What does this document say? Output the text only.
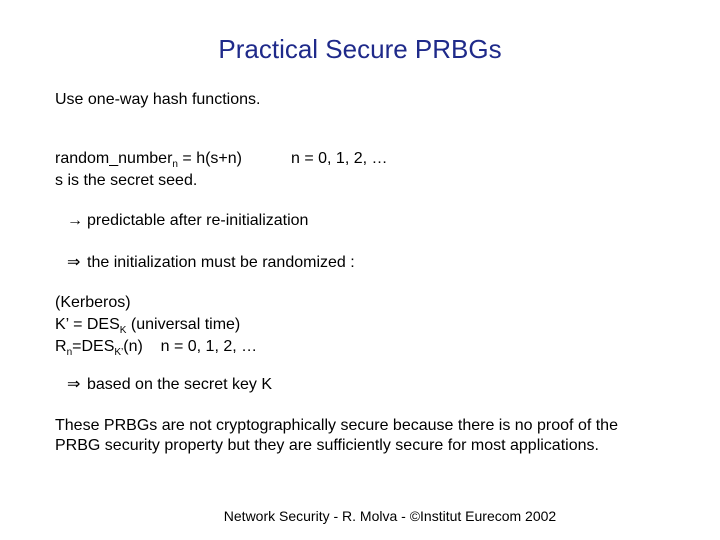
Practical Secure PRBGs
Use one-way hash functions.
random_number$_n$ = h(s+n)	n = 0, 1, 2, …
s is the secret seed.
→ predictable after re-initialization
⇒ the initialization must be randomized :
(Kerberos)
K’ = $DES_K$ (universal time)
$R_n=DES_{K’}(n)$    n = 0, 1, 2, …
⇒ based on the secret key K
These PRBGs are not cryptographically secure because there is no proof of the
PRBG security property but they are sufficiently secure for most applications.
Network Security - R. Molva - ©Institut Eurecom 2002
